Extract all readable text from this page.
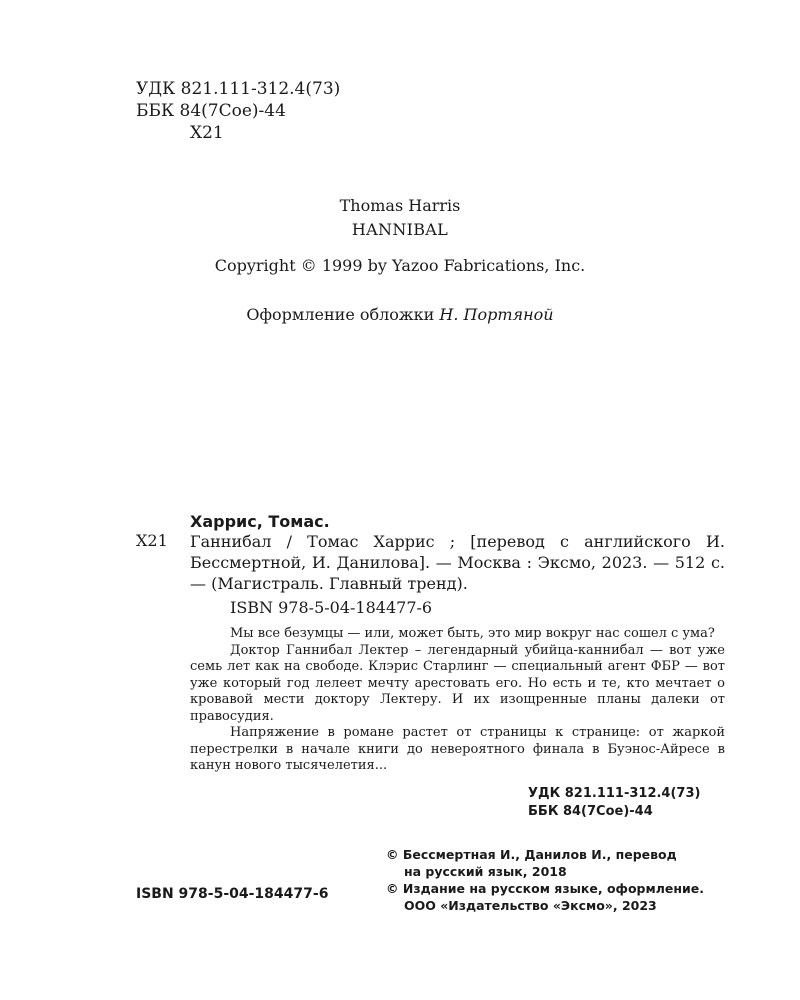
УДК 821.111-312.4(73)
ББК 84(7Сое)-44
Х21
Thomas Harris
HANNIBAL
Copyright © 1999 by Yazoo Fabrications, Inc.
Оформление обложки Н. Портяной
Харрис, Томас.
Х21 Ганнибал / Томас Харрис ; [перевод с английского И. Бессмертной, И. Данилова]. — Москва : Эксмо, 2023. — 512 с. — (Магистраль. Главный тренд).
ISBN 978-5-04-184477-6

Мы все безумцы — или, может быть, это мир вокруг нас сошел с ума?

Доктор Ганнибал Лектер – легендарный убийца-каннибал — вот уже семь лет как на свободе. Клэрис Старлинг — специальный агент ФБР — вот уже который год лелеет мечту арестовать его. Но есть и те, кто мечтает о кровавой мести доктору Лектеру. И их изощренные планы далеки от правосудия.

Напряжение в романе растет от страницы к странице: от жаркой перестрелки в начале книги до невероятного финала в Буэнос-Айресе в канун нового тысячелетия...

УДК 821.111-312.4(73)
ББК 84(7Сое)-44
© Бессмертная И., Данилов И., перевод
на русский язык, 2018
© Издание на русском языке, оформление.
ООО «Издательство «Эксмо», 2023
ISBN 978-5-04-184477-6
